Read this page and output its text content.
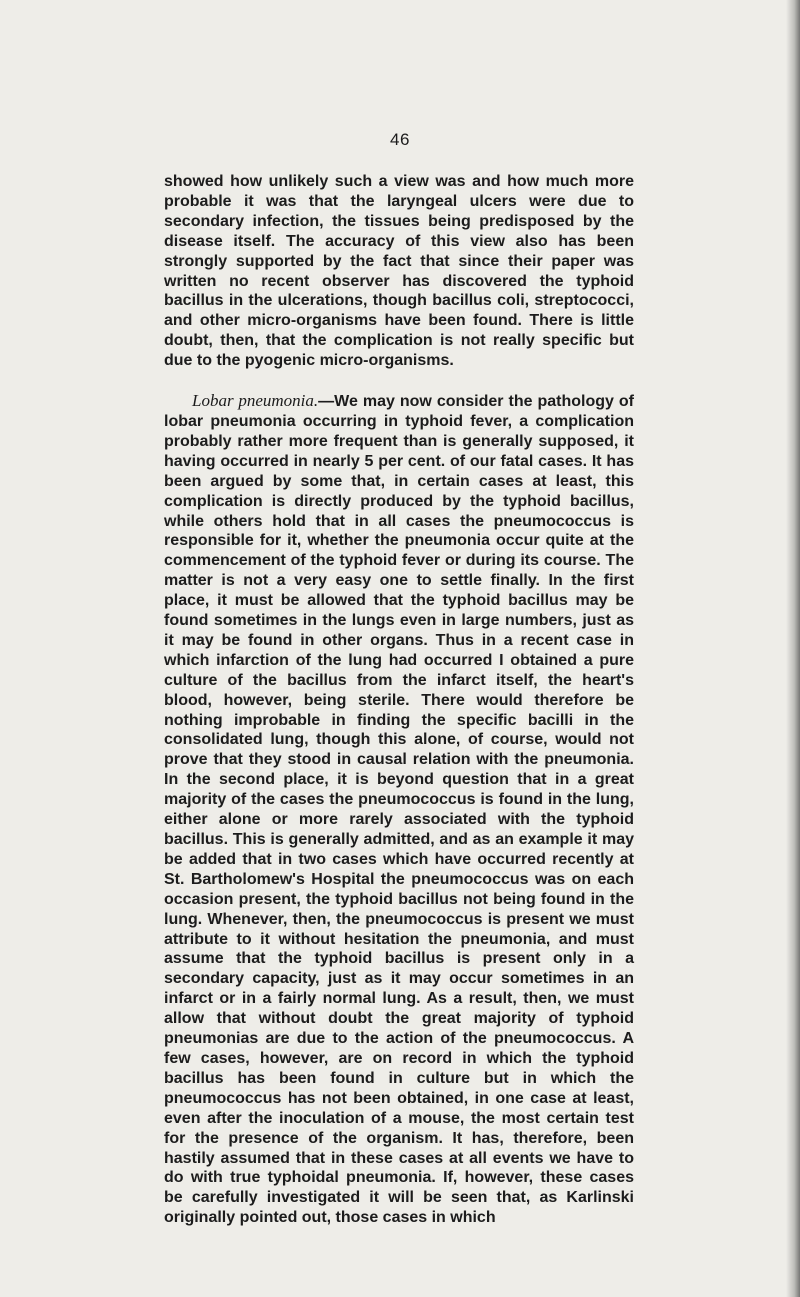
46

showed how unlikely such a view was and how much more probable it was that the laryngeal ulcers were due to secondary infection, the tissues being predisposed by the disease itself. The accuracy of this view also has been strongly supported by the fact that since their paper was written no recent observer has discovered the typhoid bacillus in the ulcerations, though bacillus coli, streptococci, and other micro-organisms have been found. There is little doubt, then, that the complication is not really specific but due to the pyogenic micro-organisms.

Lobar pneumonia.—We may now consider the pathology of lobar pneumonia occurring in typhoid fever, a complication probably rather more frequent than is generally supposed, it having occurred in nearly 5 per cent. of our fatal cases. It has been argued by some that, in certain cases at least, this complication is directly produced by the typhoid bacillus, while others hold that in all cases the pneumococcus is responsible for it, whether the pneumonia occur quite at the commencement of the typhoid fever or during its course. The matter is not a very easy one to settle finally. In the first place, it must be allowed that the typhoid bacillus may be found sometimes in the lungs even in large numbers, just as it may be found in other organs. Thus in a recent case in which infarction of the lung had occurred I obtained a pure culture of the bacillus from the infarct itself, the heart's blood, however, being sterile. There would therefore be nothing improbable in finding the specific bacilli in the consolidated lung, though this alone, of course, would not prove that they stood in causal relation with the pneumonia. In the second place, it is beyond question that in a great majority of the cases the pneumococcus is found in the lung, either alone or more rarely associated with the typhoid bacillus. This is generally admitted, and as an example it may be added that in two cases which have occurred recently at St. Bartholomew's Hospital the pneumococcus was on each occasion present, the typhoid bacillus not being found in the lung. Whenever, then, the pneumococcus is present we must attribute to it without hesitation the pneumonia, and must assume that the typhoid bacillus is present only in a secondary capacity, just as it may occur sometimes in an infarct or in a fairly normal lung. As a result, then, we must allow that without doubt the great majority of typhoid pneumonias are due to the action of the pneumococcus. A few cases, however, are on record in which the typhoid bacillus has been found in culture but in which the pneumococcus has not been obtained, in one case at least, even after the inoculation of a mouse, the most certain test for the presence of the organism. It has, therefore, been hastily assumed that in these cases at all events we have to do with true typhoidal pneumonia. If, however, these cases be carefully investigated it will be seen that, as Karlinski originally pointed out, those cases in which
